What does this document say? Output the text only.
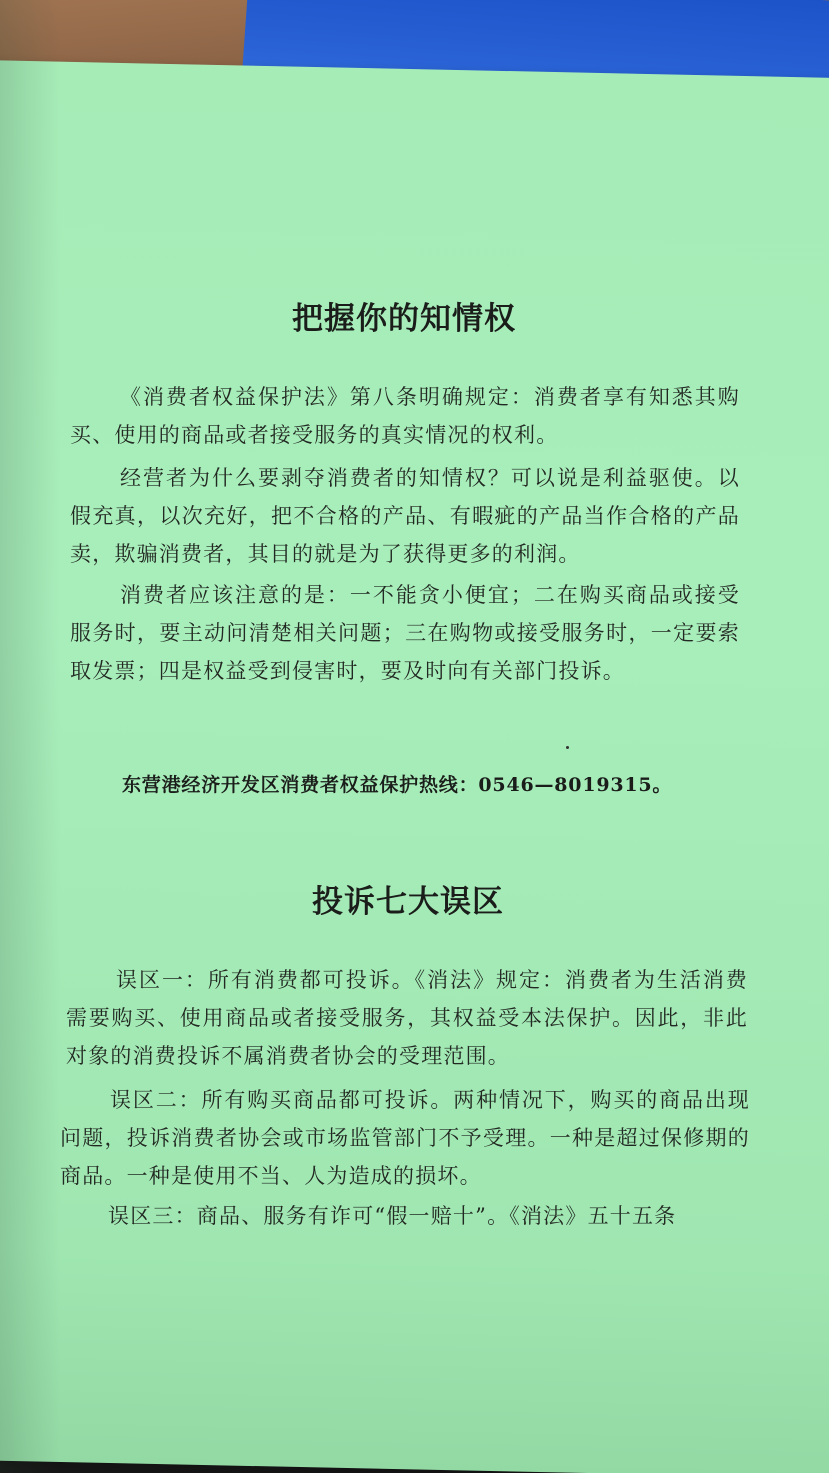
把握你的知情权

《消费者权益保护法》第八条明确规定：消费者享有知悉其购买、使用的商品或者接受服务的真实情况的权利。

经营者为什么要剥夺消费者的知情权？可以说是利益驱使。以假充真，以次充好，把不合格的产品、有暇疵的产品当作合格的产品卖，欺骗消费者，其目的就是为了获得更多的利润。

消费者应该注意的是：一不能贪小便宜；二在购买商品或接受服务时，要主动问清楚相关问题；三在购物或接受服务时，一定要索取发票；四是权益受到侵害时，要及时向有关部门投诉。

东营港经济开发区消费者权益保护热线：0546—8019315。

投诉七大误区

误区一：所有消费都可投诉。《消法》规定：消费者为生活消费需要购买、使用商品或者接受服务，其权益受本法保护。因此，非此对象的消费投诉不属消费者协会的受理范围。

误区二：所有购买商品都可投诉。两种情况下，购买的商品出现问题，投诉消费者协会或市场监管部门不予受理。一种是超过保修期的商品。一种是使用不当、人为造成的损坏。

误区三：商品、服务有诈可“假一赔十”。《消法》五十五条
